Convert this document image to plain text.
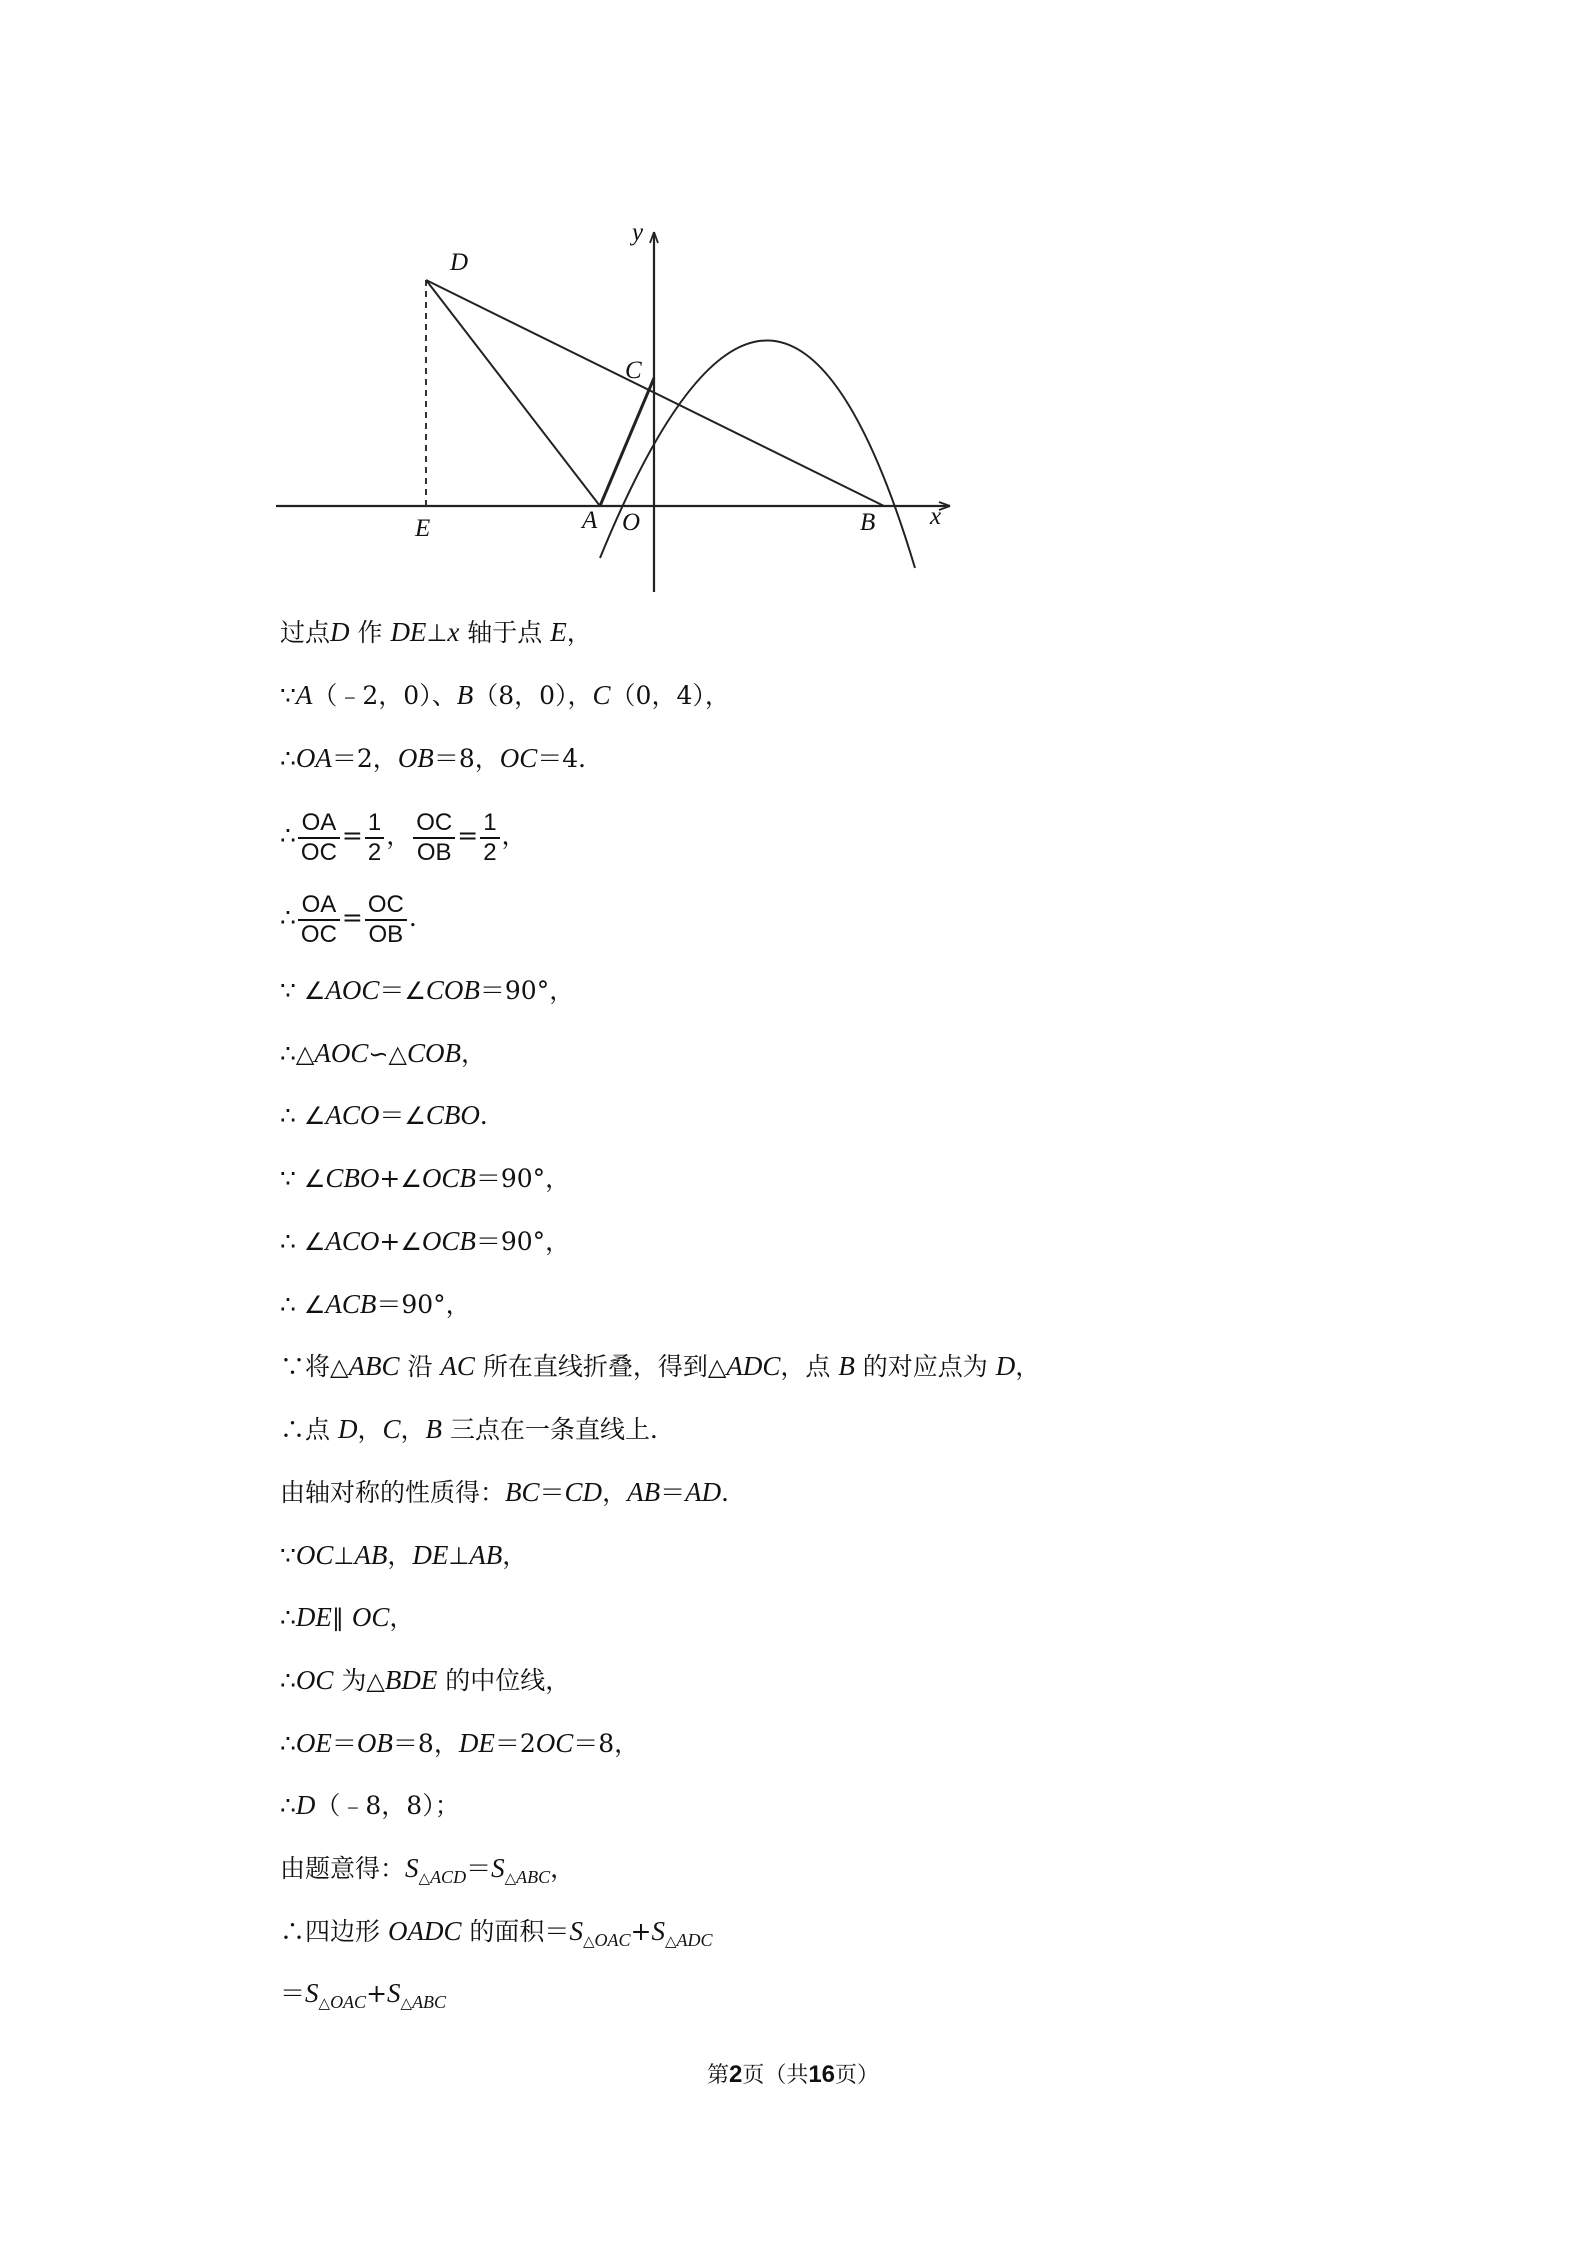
D
C
E	A O	B x
y
过点D 作 DE⊥x 轴于点 E，
∵A（﹣2，0）、B（8，0），C（0，4），
∴OA＝2，OB＝8，OC＝4．
∴ $\frac{OA}{OC} = \frac{1}{2}$ ， $\frac{OC}{OB} = \frac{1}{2}$ ，
∴ $\frac{OA}{OC} = \frac{OC}{OB}$ .
∵ ∠AOC＝∠COB＝90°，
∴△AOC∽△COB，
∴ ∠ACO＝∠CBO．
∵ ∠CBO+∠OCB＝90°，
∴ ∠ACO+∠OCB＝90°，
∴ ∠ACB＝90°，
∵将△ABC 沿 AC 所在直线折叠，得到△ADC，点 B 的对应点为 D，
∴点 D，C，B 三点在一条直线上．
由轴对称的性质得：BC＝CD，AB＝AD．
∵OC⊥AB，DE⊥AB，
∴DE∥ OC，
∴OC 为△BDE 的中位线，
∴OE＝OB＝8，DE＝2OC＝8，
∴D（﹣8，8）；
由题意得：$S_{\triangle ACD}=S_{\triangle ABC}$，
∴四边形 OADC 的面积$=S_{\triangle OAC}+S_{\triangle ADC}$
$=S_{\triangle OAC}+S_{\triangle ABC}$
第2页（共16页）
